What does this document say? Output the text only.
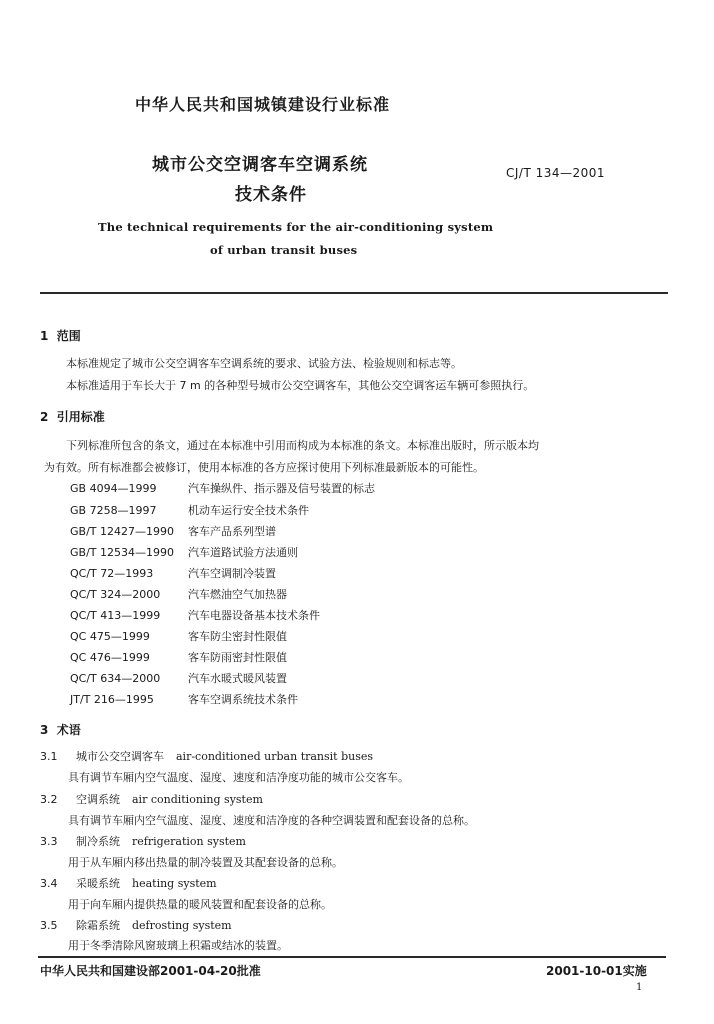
中华人民共和国城镇建设行业标准
城市公交空调客车空调系统
技术条件
CJ/T 134—2001
The technical requirements for the air-conditioning system
of urban transit buses
1 范围
本标准规定了城市公交空调客车空调系统的要求、试验方法、检验规则和标志等。
本标准适用于车长大于 7 m 的各种型号城市公交空调客车，其他公交空调客运车辆可参照执行。
2 引用标准
下列标准所包含的条文，通过在本标准中引用而构成为本标准的条文。本标准出版时，所示版本均
为有效。所有标准都会被修订，使用本标准的各方应探讨使用下列标准最新版本的可能性。
GB 4094—1999	汽车操纵件、指示器及信号装置的标志
GB 7258—1997	机动车运行安全技术条件
GB/T 12427—1990 客车产品系列型谱
GB/T 12534—1990 汽车道路试验方法通则
QC/T 72—1993	汽车空调制冷装置
QC/T 324—2000	汽车燃油空气加热器
QC/T 413—1999	汽车电器设备基本技术条件
QC 475—1999	客车防尘密封性限值
QC 476—1999	客车防雨密封性限值
QC/T 634—2000	汽车水暖式暖风装置
JT/T 216—1995	客车空调系统技术条件
3 术语
3.1 城市公交空调客车 air-conditioned urban transit buses
具有调节车厢内空气温度、湿度、速度和洁净度功能的城市公交客车。
3.2 空调系统 air conditioning system
具有调节车厢内空气温度、湿度、速度和洁净度的各种空调装置和配套设备的总称。
3.3 制冷系统 refrigeration system
用于从车厢内移出热量的制冷装置及其配套设备的总称。
3.4 采暖系统 heating system
用于向车厢内提供热量的暖风装置和配套设备的总称。
3.5 除霜系统 defrosting system
用于冬季清除风窗玻璃上积霜或结冰的装置。
中华人民共和国建设部2001-04-20批准	2001-10-01实施
1
